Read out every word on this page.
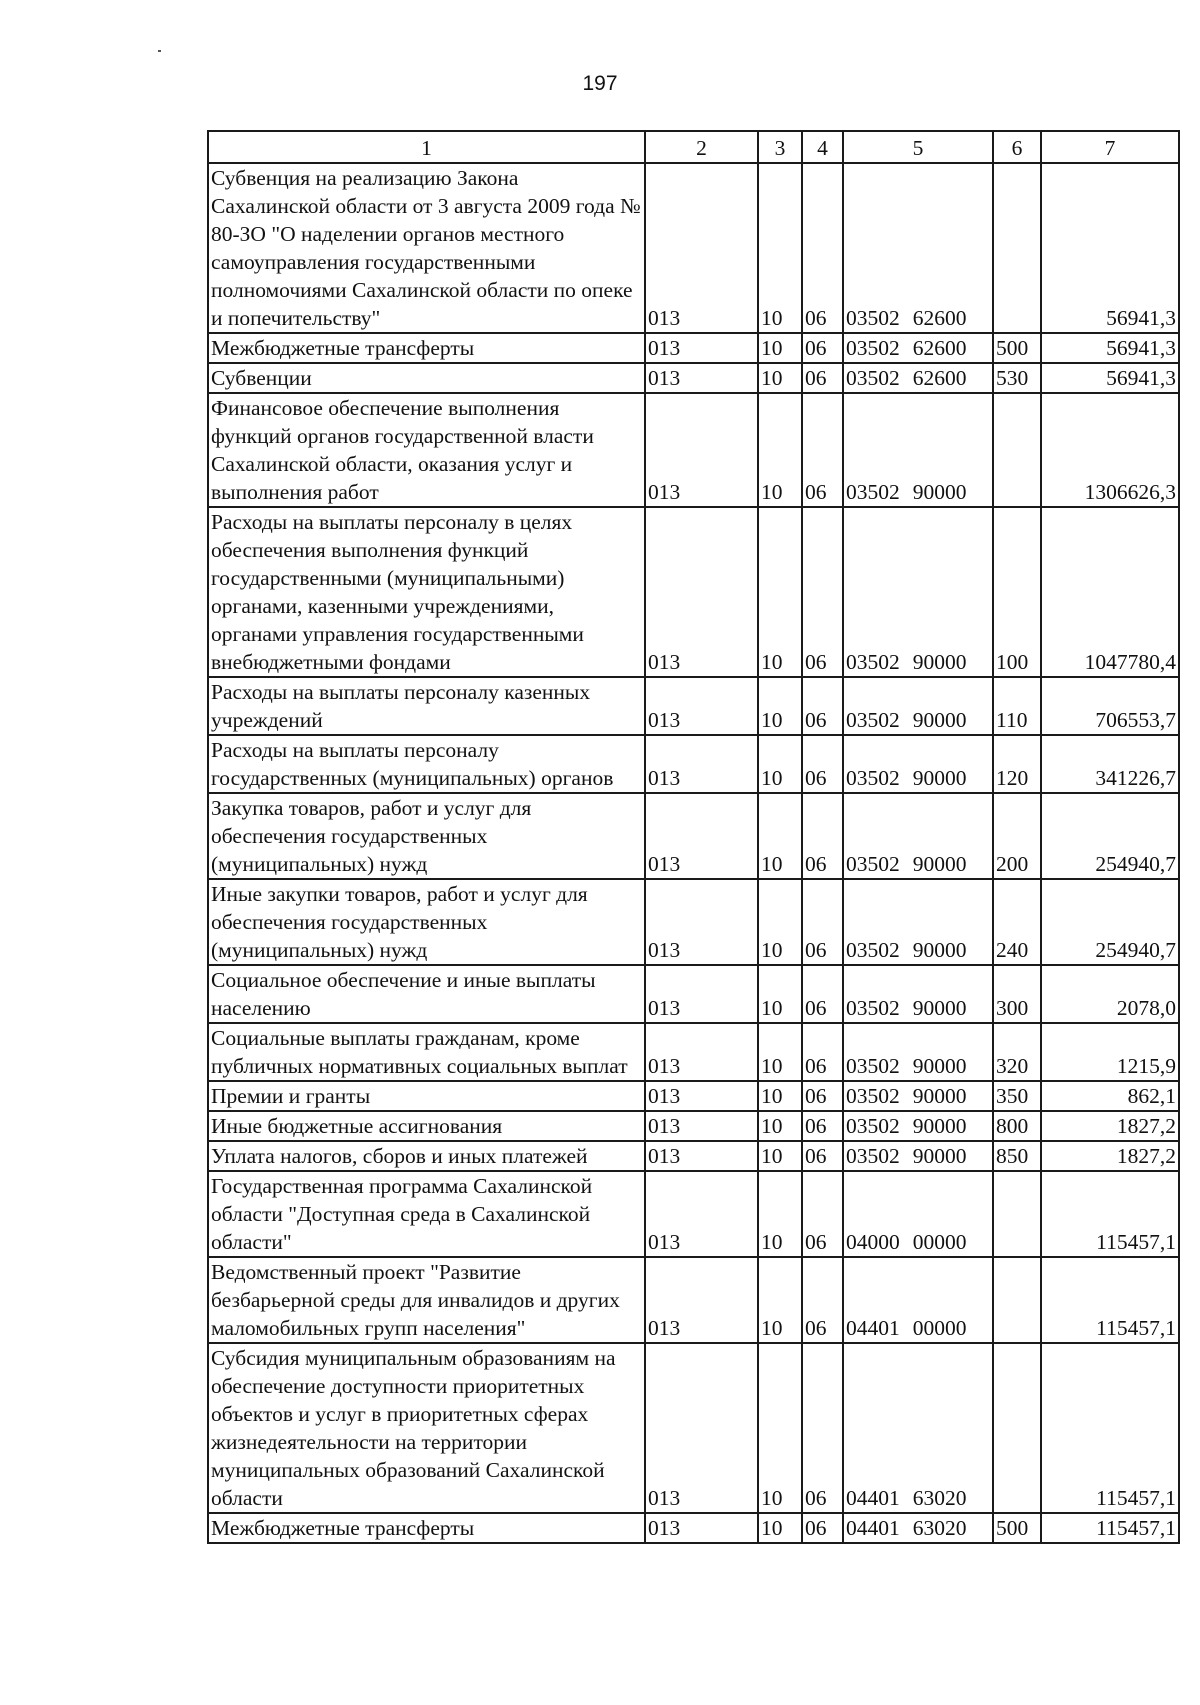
197
1	2	3	4	5	6	7
Субвенция на реализацию Закона Сахалинской области от 3 августа 2009 года № 80-ЗО "О наделении органов местного самоуправления государственными полномочиями Сахалинской области по опеке и попечительству"	013	10	06	03502 62600		56941,3
Межбюджетные трансферты	013	10	06	03502 62600	500	56941,3
Субвенции	013	10	06	03502 62600	530	56941,3
Финансовое обеспечение выполнения функций органов государственной власти Сахалинской области, оказания услуг и выполнения работ	013	10	06	03502 90000		1306626,3
Расходы на выплаты персоналу в целях обеспечения выполнения функций государственными (муниципальными) органами, казенными учреждениями, органами управления государственными внебюджетными фондами	013	10	06	03502 90000	100	1047780,4
Расходы на выплаты персоналу казенных учреждений	013	10	06	03502 90000	110	706553,7
Расходы на выплаты персоналу государственных (муниципальных) органов	013	10	06	03502 90000	120	341226,7
Закупка товаров, работ и услуг для обеспечения государственных (муниципальных) нужд	013	10	06	03502 90000	200	254940,7
Иные закупки товаров, работ и услуг для обеспечения государственных (муниципальных) нужд	013	10	06	03502 90000	240	254940,7
Социальное обеспечение и иные выплаты населению	013	10	06	03502 90000	300	2078,0
Социальные выплаты гражданам, кроме публичных нормативных социальных выплат	013	10	06	03502 90000	320	1215,9
Премии и гранты	013	10	06	03502 90000	350	862,1
Иные бюджетные ассигнования	013	10	06	03502 90000	800	1827,2
Уплата налогов, сборов и иных платежей	013	10	06	03502 90000	850	1827,2
Государственная программа Сахалинской области "Доступная среда в Сахалинской области"	013	10	06	04000 00000		115457,1
Ведомственный проект "Развитие безбарьерной среды для инвалидов и других маломобильных групп населения"	013	10	06	04401 00000		115457,1
Субсидия муниципальным образованиям на обеспечение доступности приоритетных объектов и услуг в приоритетных сферах жизнедеятельности на территории муниципальных образований Сахалинской области	013	10	06	04401 63020		115457,1
Межбюджетные трансферты	013	10	06	04401 63020	500	115457,1
